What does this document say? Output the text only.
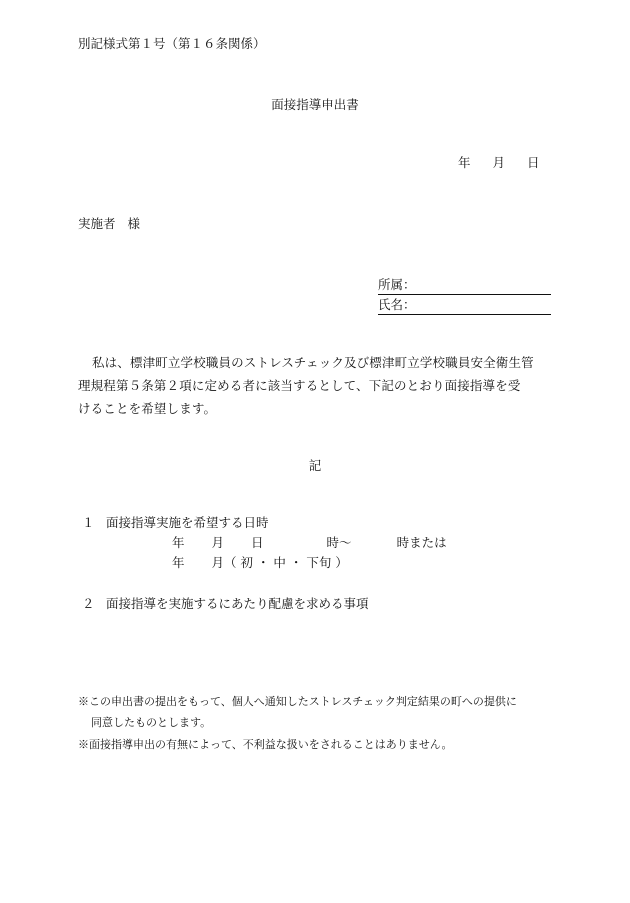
別記様式第１号（第１６条関係）
面接指導申出書
年 月 日
実施者 様
所属：
氏名：
私は、標津町立学校職員のストレスチェック及び標津町立学校職員安全衛生管
理規程第５条第２項に定める者に該当するとして、下記のとおり面接指導を受
けることを希望します。
記
１ 面接指導実施を希望する日時
年 月 日	時～	時または
年 月（ 初 ・ 中 ・ 下旬 ）
２ 面接指導を実施するにあたり配慮を求める事項
※この申出書の提出をもって、個人へ通知したストレスチェック判定結果の町への提供に
同意したものとします。
※面接指導申出の有無によって、不利益な扱いをされることはありません。
